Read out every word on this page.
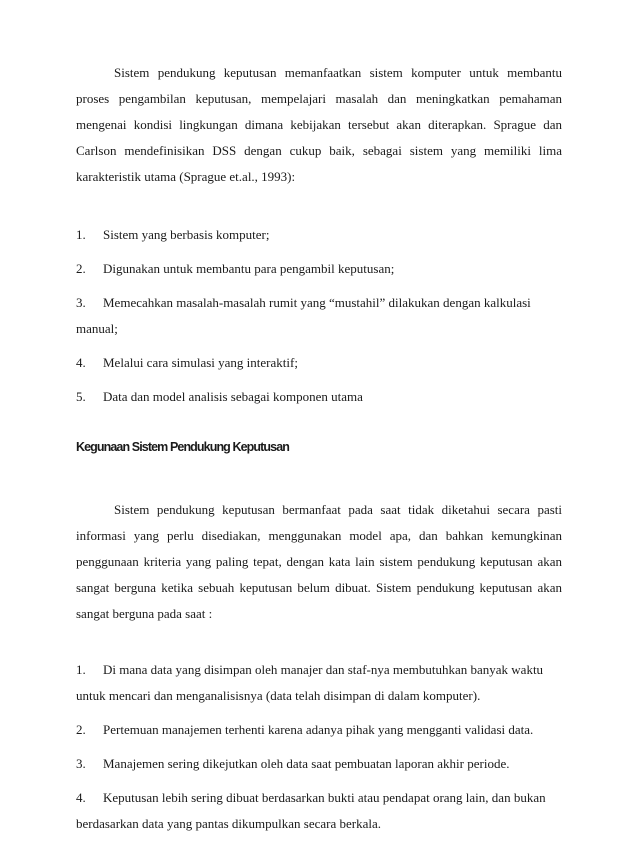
Sistem pendukung keputusan memanfaatkan sistem komputer untuk membantu proses pengambilan keputusan, mempelajari masalah dan meningkatkan pemahaman mengenai kondisi lingkungan dimana kebijakan tersebut akan diterapkan. Sprague dan Carlson mendefinisikan DSS dengan cukup baik, sebagai sistem yang memiliki lima karakteristik utama (Sprague et.al., 1993):

1. Sistem yang berbasis komputer;
2. Digunakan untuk membantu para pengambil keputusan;
3. Memecahkan masalah-masalah rumit yang “mustahil” dilakukan dengan kalkulasi manual;
4. Melalui cara simulasi yang interaktif;
5. Data dan model analisis sebagai komponen utama
Kegunaan Sistem Pendukung Keputusan

Sistem pendukung keputusan bermanfaat pada saat tidak diketahui secara pasti informasi yang perlu disediakan, menggunakan model apa, dan bahkan kemungkinan penggunaan kriteria yang paling tepat, dengan kata lain sistem pendukung keputusan akan sangat berguna ketika sebuah keputusan belum dibuat. Sistem pendukung keputusan akan sangat berguna pada saat :

1. Di mana data yang disimpan oleh manajer dan staf-nya membutuhkan banyak waktu untuk mencari dan menganalisisnya (data telah disimpan di dalam komputer).
2. Pertemuan manajemen terhenti karena adanya pihak yang mengganti validasi data.
3. Manajemen sering dikejutkan oleh data saat pembuatan laporan akhir periode.
4. Keputusan lebih sering dibuat berdasarkan bukti atau pendapat orang lain, dan bukan berdasarkan data yang pantas dikumpulkan secara berkala.
